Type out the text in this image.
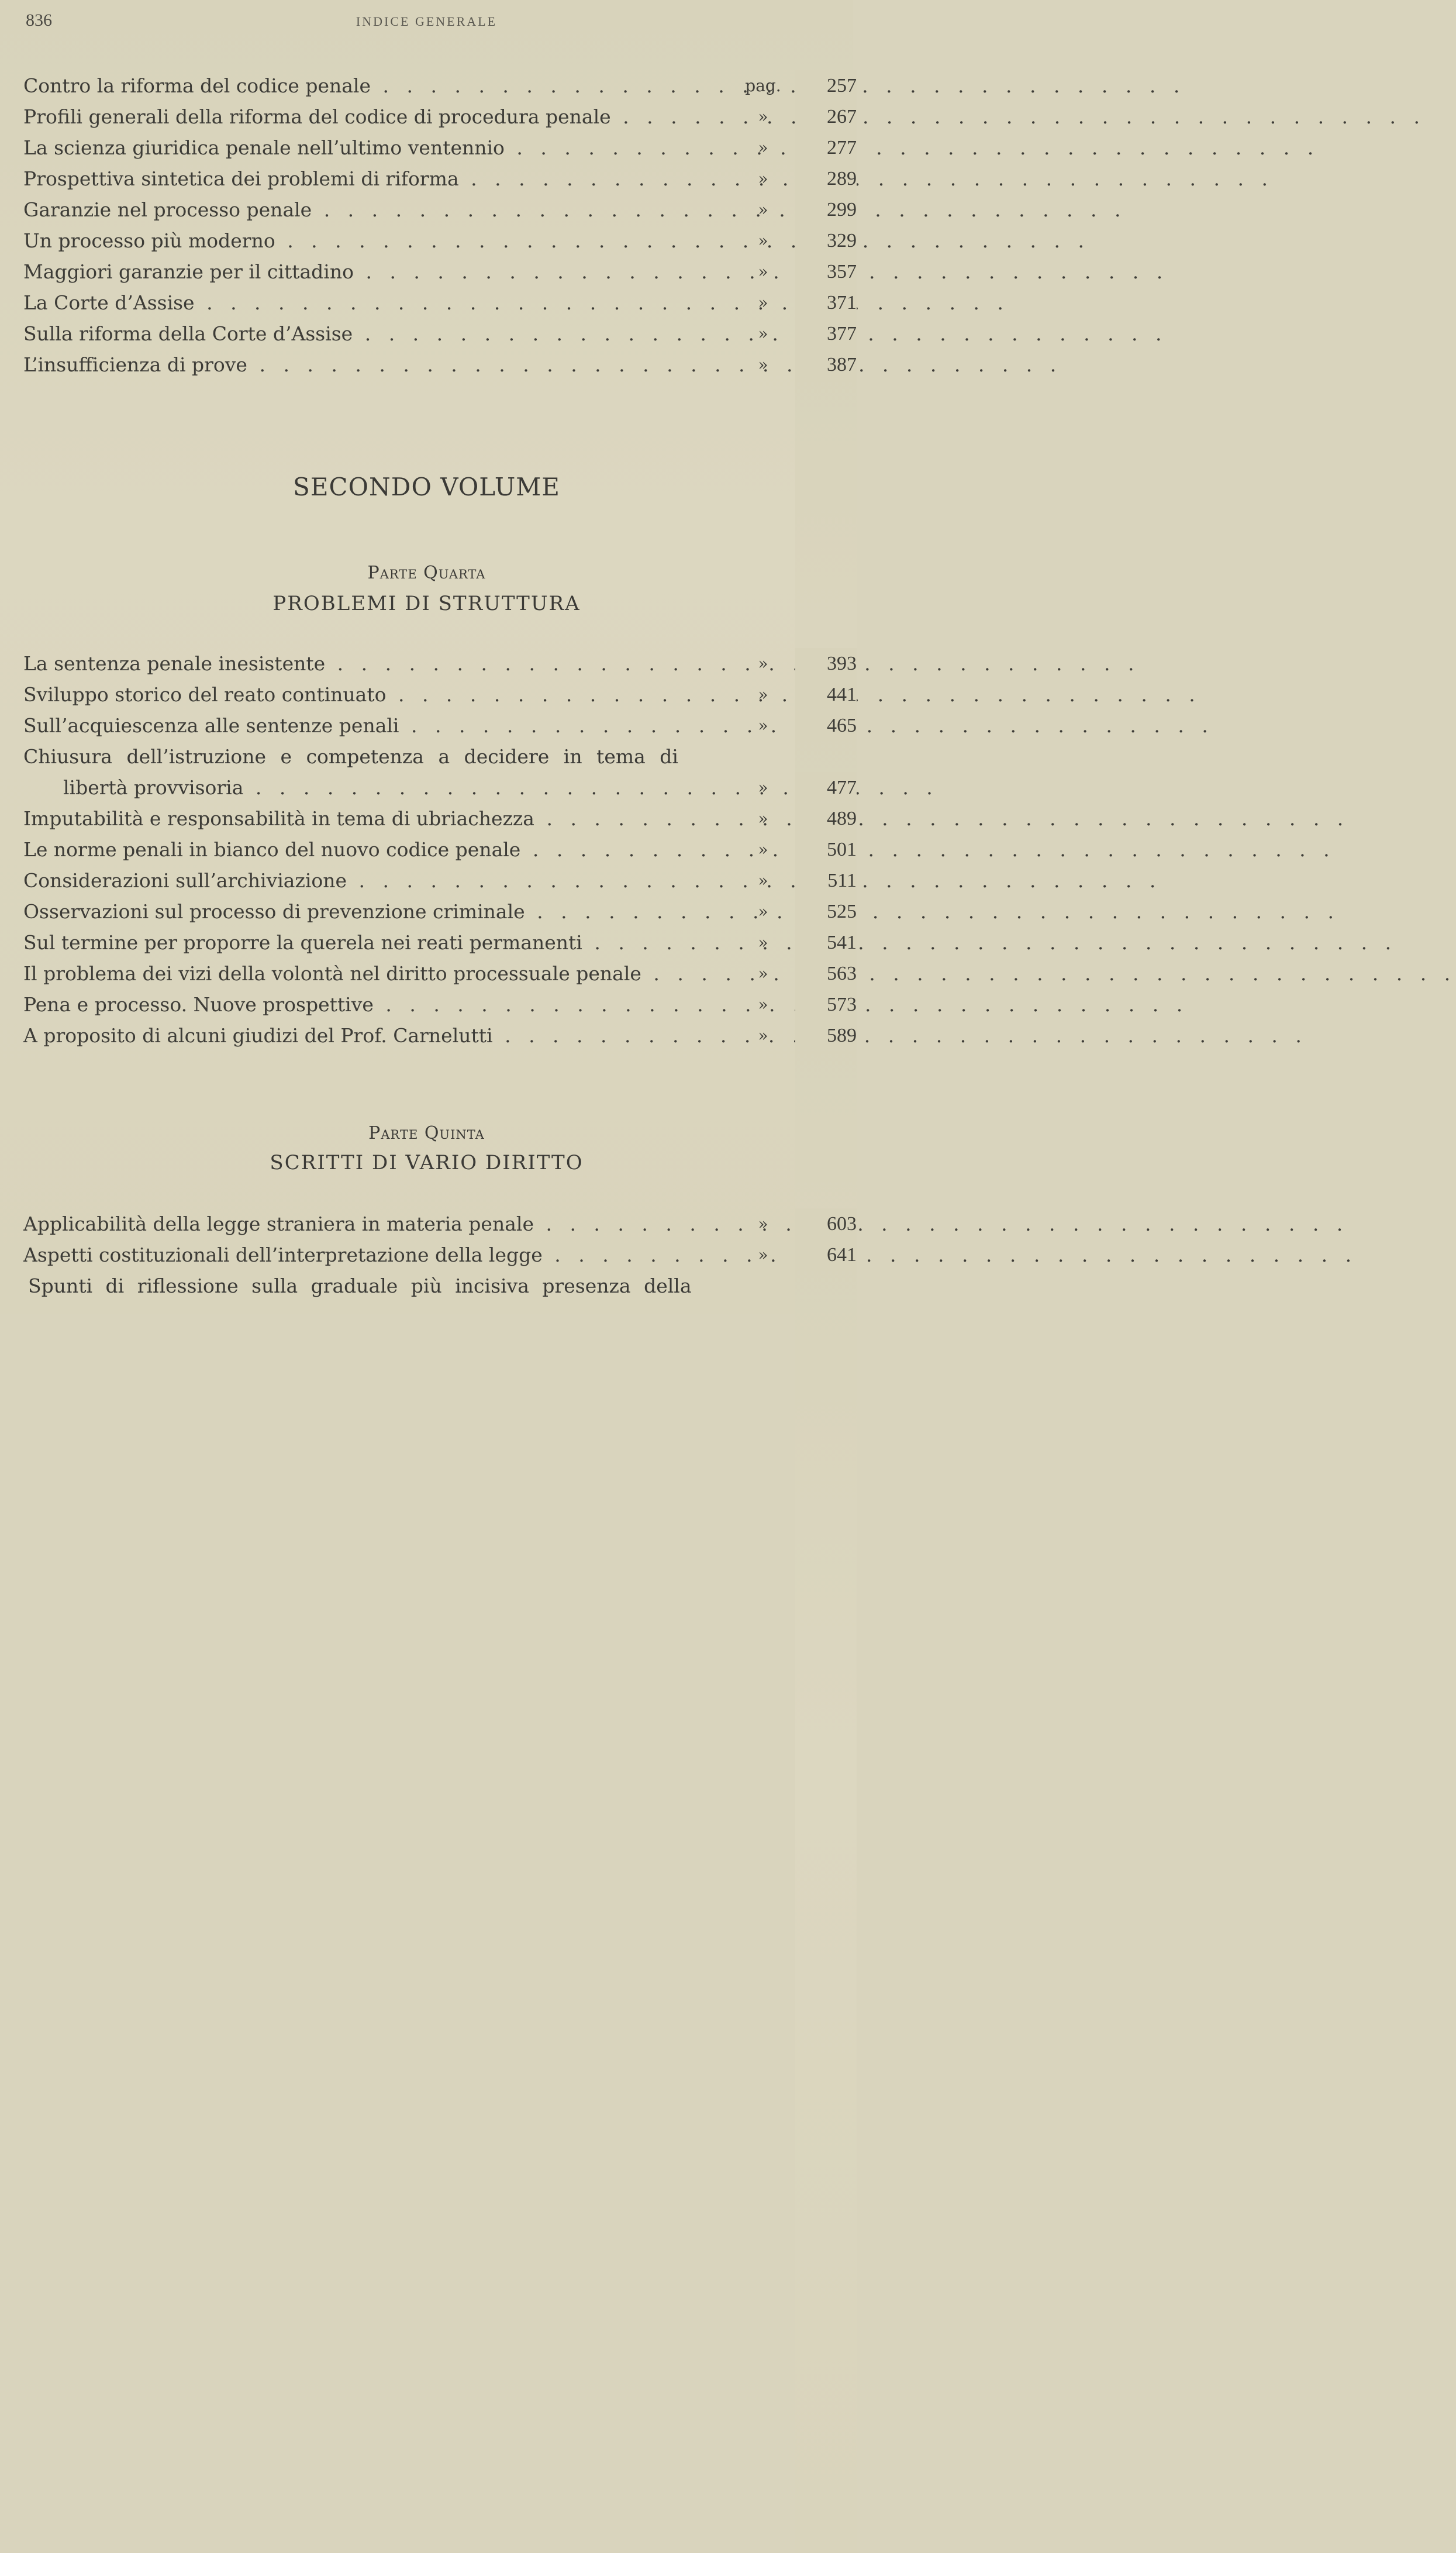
836	INDICE GENERALE
Contro la riforma del codice penale . .	pag.	257
Profili generali della riforma del codice di procedura penale . .	»	267
La scienza giuridica penale nell’ultimo ventennio . .	»	277
Prospettiva sintetica dei problemi di riforma . .	»	289
Garanzie nel processo penale . .	»	299
Un processo più moderno . .	»	329
Maggiori garanzie per il cittadino . .	»	357
La Corte d’Assise . .	»	371
Sulla riforma della Corte d’Assise . .	»	377
L’insufficienza di prove . .	»	387
SECONDO VOLUME
Parte Quarta
PROBLEMI DI STRUTTURA
La sentenza penale inesistente . .	»	393
Sviluppo storico del reato continuato . .	»	441
Sull’acquiescenza alle sentenze penali . .	»	465
Chiusura dell’istruzione e competenza a decidere in tema di
libertà provvisoria . .	»	477
Imputabilità e responsabilità in tema di ubriachezza . .	»	489
Le norme penali in bianco del nuovo codice penale . .	»	501
Considerazioni sull’archiviazione . .	»	511
Osservazioni sul processo di prevenzione criminale . .	»	525
Sul termine per proporre la querela nei reati permanenti . .	»	541
Il problema dei vizi della volontà nel diritto processuale penale . .	»	563
Pena e processo. Nuove prospettive . .	»	573
A proposito di alcuni giudizi del Prof. Carnelutti . .	»	589
Parte Quinta
SCRITTI DI VARIO DIRITTO
Applicabilità della legge straniera in materia penale . .	»	603
Aspetti costituzionali dell’interpretazione della legge . .	»	641
Spunti di riflessione sulla graduale più incisiva presenza della
